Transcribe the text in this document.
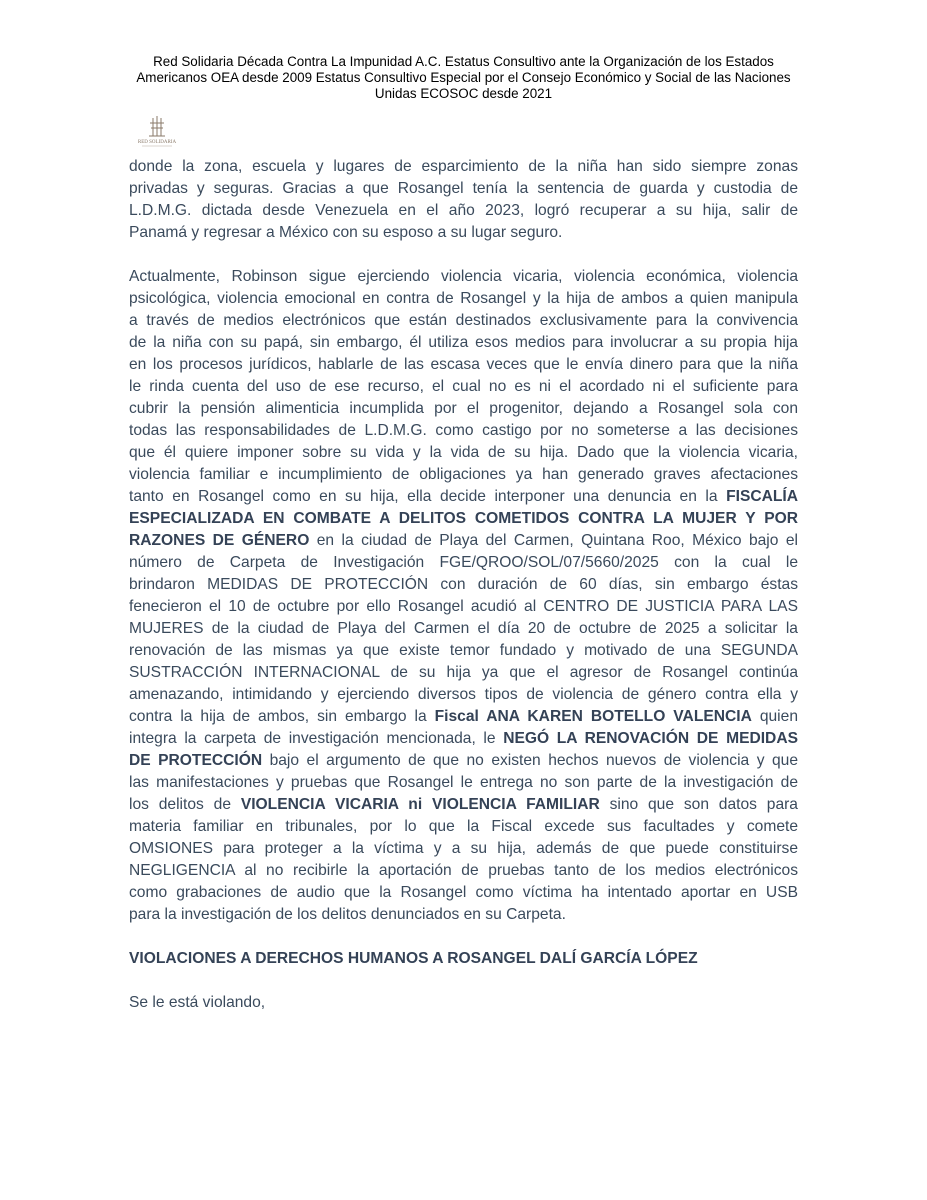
Red Solidaria Década Contra La Impunidad A.C. Estatus Consultivo ante la Organización de los Estados
Americanos OEA desde 2009 Estatus Consultivo Especial por el Consejo Económico y Social de las Naciones
Unidas ECOSOC desde 2021
RED SOLIDARIA
donde la zona, escuela y lugares de esparcimiento de la niña han sido siempre zonas
privadas y seguras. Gracias a que Rosangel tenía la sentencia de guarda y custodia de
L.D.M.G. dictada desde Venezuela en el año 2023, logró recuperar a su hija, salir de
Panamá y regresar a México con su esposo a su lugar seguro.
Actualmente, Robinson sigue ejerciendo violencia vicaria, violencia económica, violencia
psicológica, violencia emocional en contra de Rosangel y la hija de ambos a quien manipula
a través de medios electrónicos que están destinados exclusivamente para la convivencia
de la niña con su papá, sin embargo, él utiliza esos medios para involucrar a su propia hija
en los procesos jurídicos, hablarle de las escasa veces que le envía dinero para que la niña
le rinda cuenta del uso de ese recurso, el cual no es ni el acordado ni el suficiente para
cubrir la pensión alimenticia incumplida por el progenitor, dejando a Rosangel sola con
todas las responsabilidades de L.D.M.G. como castigo por no someterse a las decisiones
que él quiere imponer sobre su vida y la vida de su hija. Dado que la violencia vicaria,
violencia familiar e incumplimiento de obligaciones ya han generado graves afectaciones
tanto en Rosangel como en su hija, ella decide interponer una denuncia en la FISCALÍA
ESPECIALIZADA EN COMBATE A DELITOS COMETIDOS CONTRA LA MUJER Y POR
RAZONES DE GÉNERO en la ciudad de Playa del Carmen, Quintana Roo, México bajo el
número de Carpeta de Investigación FGE/QROO/SOL/07/5660/2025 con la cual le
brindaron MEDIDAS DE PROTECCIÓN con duración de 60 días, sin embargo éstas
fenecieron el 10 de octubre por ello Rosangel acudió al CENTRO DE JUSTICIA PARA LAS
MUJERES de la ciudad de Playa del Carmen el día 20 de octubre de 2025 a solicitar la
renovación de las mismas ya que existe temor fundado y motivado de una SEGUNDA
SUSTRACCIÓN INTERNACIONAL de su hija ya que el agresor de Rosangel continúa
amenazando, intimidando y ejerciendo diversos tipos de violencia de género contra ella y
contra la hija de ambos, sin embargo la Fiscal ANA KAREN BOTELLO VALENCIA quien
integra la carpeta de investigación mencionada, le NEGÓ LA RENOVACIÓN DE MEDIDAS
DE PROTECCIÓN bajo el argumento de que no existen hechos nuevos de violencia y que
las manifestaciones y pruebas que Rosangel le entrega no son parte de la investigación de
los delitos de VIOLENCIA VICARIA ni VIOLENCIA FAMILIAR sino que son datos para
materia familiar en tribunales, por lo que la Fiscal excede sus facultades y comete
OMSIONES para proteger a la víctima y a su hija, además de que puede constituirse
NEGLIGENCIA al no recibirle la aportación de pruebas tanto de los medios electrónicos
como grabaciones de audio que la Rosangel como víctima ha intentado aportar en USB
para la investigación de los delitos denunciados en su Carpeta.
VIOLACIONES A DERECHOS HUMANOS A ROSANGEL DALÍ GARCÍA LÓPEZ
Se le está violando,
